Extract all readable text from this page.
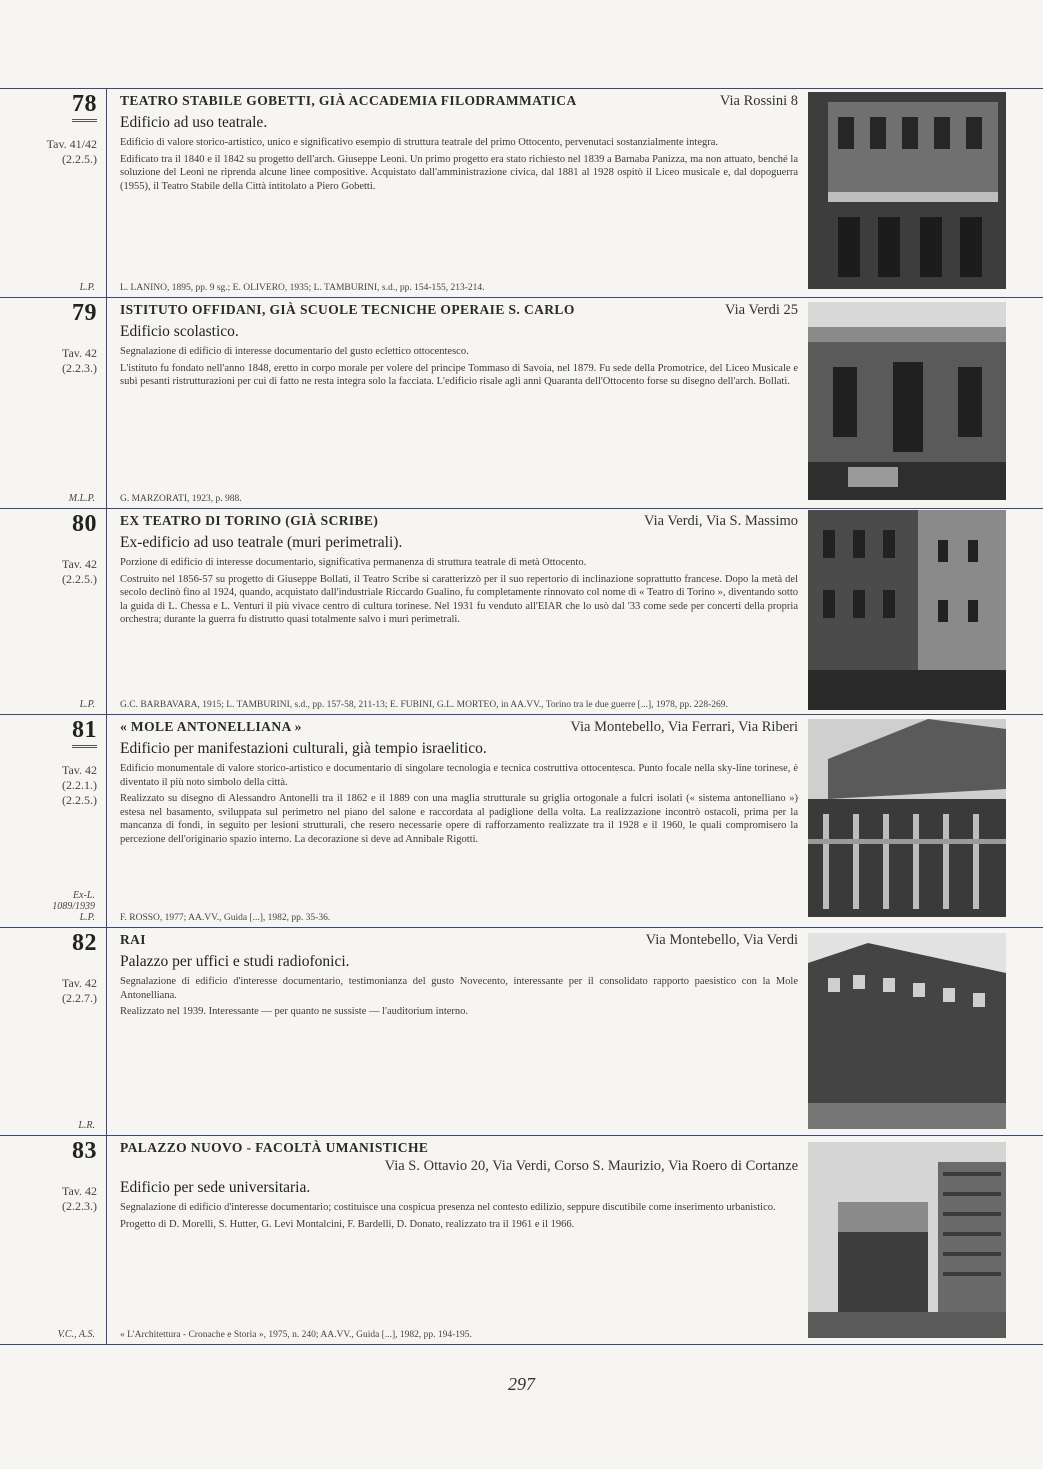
78
Tav. 41/42
(2.2.5.)
L.P.
TEATRO STABILE GOBETTI, GIÀ ACCADEMIA FILODRAMMATICA	Via Rossini 8
Edificio ad uso teatrale.

Edificio di valore storico-artistico, unico e significativo esempio di struttura teatrale del primo Ottocento, pervenutaci sostanzialmente integra.

Edificato tra il 1840 e il 1842 su progetto dell'arch. Giuseppe Leoni. Un primo progetto era stato richiesto nel 1839 a Barnaba Panizza, ma non attuato, benché la soluzione del Leoni ne riprenda alcune linee compositive. Acquistato dall'amministrazione civica, dal 1881 al 1928 ospitò il Liceo musicale e, dal dopoguerra (1955), il Teatro Stabile della Città intitolato a Piero Gobetti.

L. LANINO, 1895, pp. 9 sg.; E. OLIVERO, 1935; L. TAMBURINI, s.d., pp. 154-155, 213-214.
79
Tav. 42
(2.2.3.)
M.L.P.
ISTITUTO OFFIDANI, GIÀ SCUOLE TECNICHE OPERAIE S. CARLO	Via Verdi 25
Edificio scolastico.

Segnalazione di edificio di interesse documentario del gusto eclettico ottocentesco.

L'istituto fu fondato nell'anno 1848, eretto in corpo morale per volere del principe Tommaso di Savoia, nel 1879. Fu sede della Promotrice, del Liceo Musicale e subì pesanti ristrutturazioni per cui di fatto ne resta integra solo la facciata. L'edificio risale agli anni Quaranta dell'Ottocento forse su disegno dell'arch. Bollati.

G. MARZORATI, 1923, p. 988.
80
Tav. 42
(2.2.5.)
L.P.
EX TEATRO DI TORINO (GIÀ SCRIBE)	Via Verdi, Via S. Massimo
Ex-edificio ad uso teatrale (muri perimetrali).

Porzione di edificio di interesse documentario, significativa permanenza di struttura teatrale di metà Ottocento.

Costruito nel 1856-57 su progetto di Giuseppe Bollati, il Teatro Scribe si caratterizzò per il suo repertorio di inclinazione soprattutto francese. Dopo la metà del secolo declinò fino al 1924, quando, acquistato dall'industriale Riccardo Gualino, fu completamente rinnovato col nome di « Teatro di Torino », diventando sotto la guida di L. Chessa e L. Venturi il più vivace centro di cultura torinese. Nel 1931 fu venduto all'EIAR che lo usò dal '33 come sede per concerti della propria orchestra; durante la guerra fu distrutto quasi totalmente salvo i muri perimetrali.

G.C. BARBAVARA, 1915; L. TAMBURINI, s.d., pp. 157-58, 211-13; E. FUBINI, G.L. MORTEO, in AA.VV., Torino tra le due guerre [...], 1978, pp. 228-269.
81
Tav. 42
(2.2.1.)
(2.2.5.)
Ex-L.
1089/1939
L.P.
« MOLE ANTONELLIANA »	Via Montebello, Via Ferrari, Via Riberi
Edificio per manifestazioni culturali, già tempio israelitico.

Edificio monumentale di valore storico-artistico e documentario di singolare tecnologia e tecnica costruttiva ottocentesca. Punto focale nella sky-line torinese, è diventato il più noto simbolo della città.

Realizzato su disegno di Alessandro Antonelli tra il 1862 e il 1889 con una maglia strutturale su griglia ortogonale a fulcri isolati (« sistema antonelliano ») estesa nel basamento, sviluppata sul perimetro nel piano del salone e raccordata al padiglione della volta. La realizzazione incontrò ostacoli, prima per la mancanza di fondi, in seguito per lesioni strutturali, che resero necessarie opere di rafforzamento realizzate tra il 1928 e il 1960, le quali compromisero la percezione dell'originario spazio interno. La decorazione si deve ad Annibale Rigotti.

F. ROSSO, 1977; AA.VV., Guida [...], 1982, pp. 35-36.
82
Tav. 42
(2.2.7.)
L.R.
RAI	Via Montebello, Via Verdi
Palazzo per uffici e studi radiofonici.

Segnalazione di edificio d'interesse documentario, testimonianza del gusto Novecento, interessante per il consolidato rapporto paesistico con la Mole Antonelliana.

Realizzato nel 1939. Interessante — per quanto ne sussiste — l'auditorium interno.

83
Tav. 42
(2.2.3.)
V.C., A.S.
PALAZZO NUOVO - FACOLTÀ UMANISTICHE
Via S. Ottavio 20, Via Verdi, Corso S. Maurizio, Via Roero di Cortanze
Edificio per sede universitaria.

Segnalazione di edificio d'interesse documentario; costituisce una cospicua presenza nel contesto edilizio, seppure discutibile come inserimento urbanistico.

Progetto di D. Morelli, S. Hutter, G. Levi Montalcini, F. Bardelli, D. Donato, realizzato tra il 1961 e il 1966.

« L'Architettura - Cronache e Storia », 1975, n. 240; AA.VV., Guida [...], 1982, pp. 194-195.
297
